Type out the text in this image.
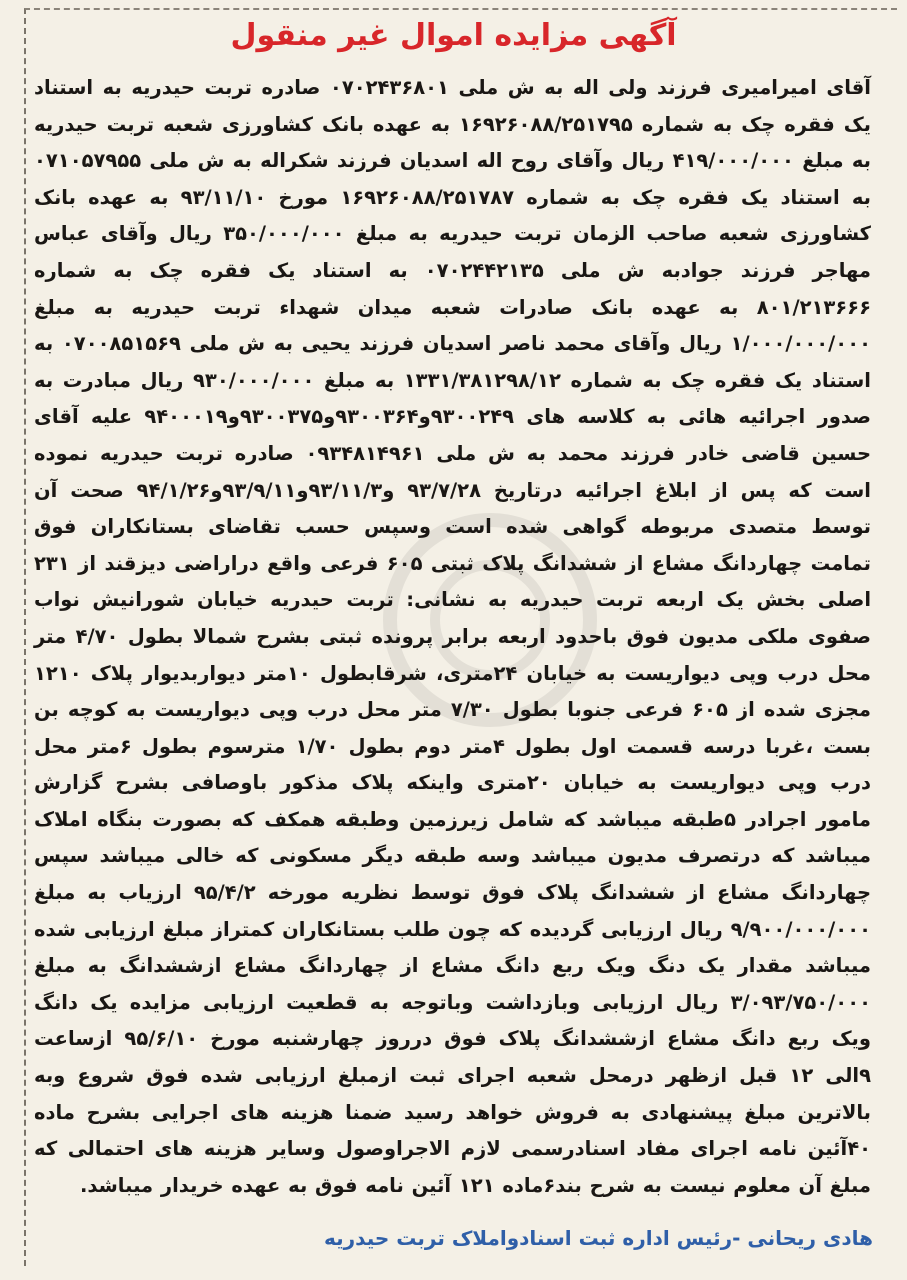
آگهی مزایده اموال غیر منقول
آقای امیرامیری فرزند ولی اله به ش ملی ۰۷۰۲۴۳۶۸۰۱ صادره تربت حیدریه به استناد یک فقره چک به شماره ۱۶۹۲۶۰۸۸/۲۵۱۷۹۵ به عهده بانک کشاورزی شعبه تربت حیدریه به مبلغ ۴۱۹/۰۰۰/۰۰۰ ریال وآقای روح اله اسدیان فرزند شکراله به ش ملی ۰۷۱۰۵۷۹۵۵ به استناد یک فقره چک به شماره ۱۶۹۲۶۰۸۸/۲۵۱۷۸۷ مورخ ۹۳/۱۱/۱۰ به عهده بانک کشاورزی شعبه صاحب الزمان تربت حیدریه به مبلغ ۳۵۰/۰۰۰/۰۰۰ ریال وآقای عباس مهاجر فرزند جوادبه ش ملی ۰۷۰۲۴۴۲۱۳۵ به استناد یک فقره چک به شماره ۸۰۱/۲۱۳۶۶۶ به عهده بانک صادرات شعبه میدان شهداء تربت حیدریه به مبلغ ۱/۰۰۰/۰۰۰/۰۰۰ ریال وآقای محمد ناصر اسدیان فرزند یحیی به ش ملی ۰۷۰۰۸۵۱۵۶۹ به استناد یک فقره چک به شماره ۱۳۳۱/۳۸۱۲۹۸/۱۲ به مبلغ ۹۳۰/۰۰۰/۰۰۰ ریال مبادرت به صدور اجرائیه هائی به کلاسه های ۹۳۰۰۲۴۹و۹۳۰۰۳۶۴و۹۳۰۰۳۷۵و۹۴۰۰۰۱۹ علیه آقای حسین قاضی خادر فرزند محمد به ش ملی ۰۹۳۴۸۱۴۹۶۱ صادره تربت حیدریه نموده است که پس از ابلاغ اجرائیه درتاریخ ۹۳/۷/۲۸ و۹۳/۱۱/۳و۹۳/۹/۱۱و۹۴/۱/۲۶ صحت آن توسط متصدی مربوطه گواهی شده است وسپس حسب تقاضای بستانکاران فوق تمامت چهاردانگ مشاع از ششدانگ پلاک ثبتی ۶۰۵ فرعی واقع دراراضی دیزقند از ۲۳۱ اصلی بخش یک اربعه تربت حیدریه به نشانی: تربت حیدریه خیابان شورانیش نواب صفوی ملکی مدیون فوق باحدود اربعه برابر پرونده ثبتی بشرح شمالا بطول ۴/۷۰ متر محل درب وپی دیواریست به خیابان ۲۴متری، شرقابطول ۱۰متر دیواربدیوار پلاک ۱۲۱۰ مجزی شده از ۶۰۵ فرعی جنوبا بطول ۷/۳۰ متر محل درب وپی دیواریست به کوچه بن بست ،غربا درسه قسمت اول بطول ۴متر دوم بطول ۱/۷۰ مترسوم بطول ۶متر محل درب وپی دیواریست به خیابان ۲۰متری واینکه پلاک مذکور باوصافی بشرح گزارش مامور اجرادر ۵طبقه میباشد که شامل زیرزمین وطبقه همکف که بصورت بنگاه املاک میباشد که درتصرف مدیون میباشد وسه طبقه دیگر مسکونی که خالی میباشد سپس چهاردانگ مشاع از ششدانگ پلاک فوق توسط نظریه مورخه ۹۵/۴/۲ ارزیاب به مبلغ ۹/۹۰۰/۰۰۰/۰۰۰ ریال ارزیابی گردیده که چون طلب بستانکاران کمتراز مبلغ ارزیابی شده میباشد مقدار یک دنگ ویک ربع دانگ مشاع از چهاردانگ مشاع ازششدانگ به مبلغ ۳/۰۹۳/۷۵۰/۰۰۰ ریال ارزیابی وبازداشت وباتوجه به قطعیت ارزیابی مزایده یک دانگ ویک ربع دانگ مشاع ازششدانگ پلاک فوق درروز چهارشنبه مورخ ۹۵/۶/۱۰ ازساعت ۹الی ۱۲ قبل ازظهر درمحل شعبه اجرای ثبت ازمبلغ ارزیابی شده فوق شروع وبه بالاترین مبلغ پیشنهادی به فروش خواهد رسید ضمنا هزینه های اجرایی بشرح ماده ۴۰آئین نامه اجرای مفاد اسنادرسمی لازم الاجراوصول وسایر هزینه های احتمالی که مبلغ آن معلوم نیست به شرح بند۶ماده ۱۲۱ آئین نامه فوق به عهده خریدار میباشد.
هادی ریحانی -رئیس اداره ثبت اسنادواملاک تربت حیدریه
